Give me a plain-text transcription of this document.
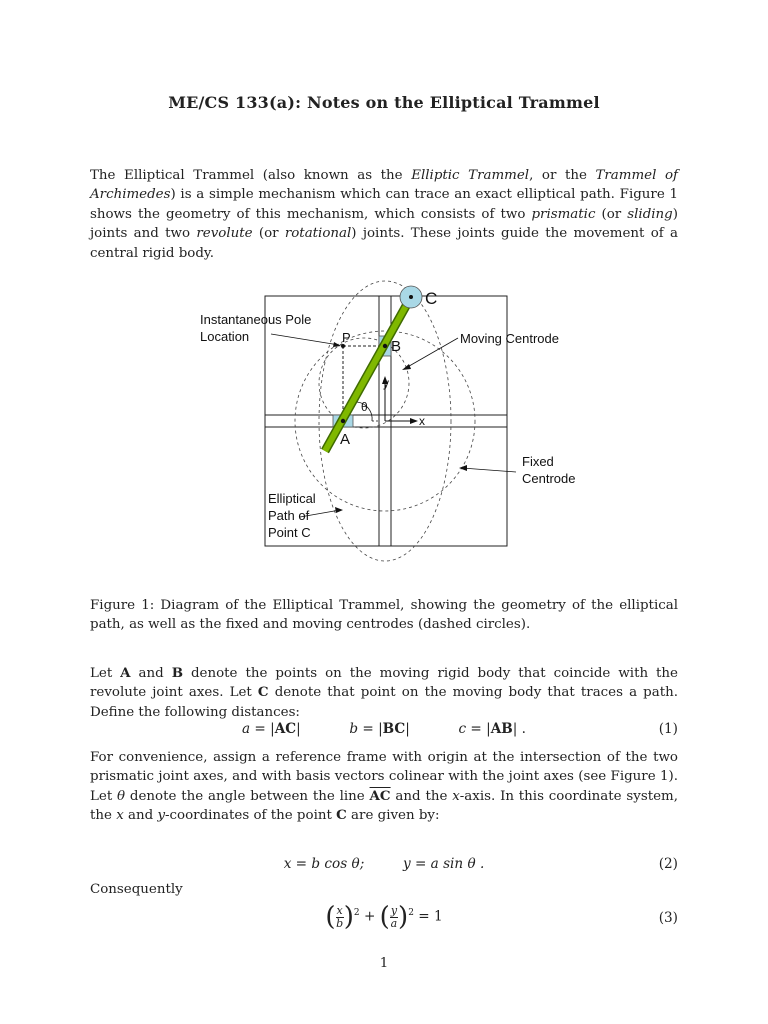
ME/CS 133(a): Notes on the Elliptical Trammel
The Elliptical Trammel (also known as the Elliptic Trammel, or the Trammel of Archimedes) is a simple mechanism which can trace an exact elliptical path. Figure 1 shows the geometry of this mechanism, which consists of two prismatic (or sliding) joints and two revolute (or rotational) joints. These joints guide the movement of a central rigid body.
C
B
A
P
y
x
θ
Instantaneous Pole
Location	Moving Centrode
Fixed
Centrode
Elliptical
Path of
Point C
Figure 1: Diagram of the Elliptical Trammel, showing the geometry of the elliptical path, as well as the fixed and moving centrodes (dashed circles).
Let A and B denote the points on the moving rigid body that coincide with the revolute joint axes. Let C denote that point on the moving body that traces a path. Define the following distances:
a = |AC|	b = |BC|	c = |AB| .	(1)
For convenience, assign a reference frame with origin at the intersection of the two prismatic joint axes, and with basis vectors colinear with the joint axes (see Figure 1). Let θ denote the angle between the line $\overline{AC}$ and the x-axis. In this coordinate system, the x and y-coordinates of the point C are given by:
x = b cos θ;	y = a sin θ .	(2)
Consequently
( $\frac{x}{b} )^2$ + ( $\frac{y}{a} )^2 = 1$	(3)
1
